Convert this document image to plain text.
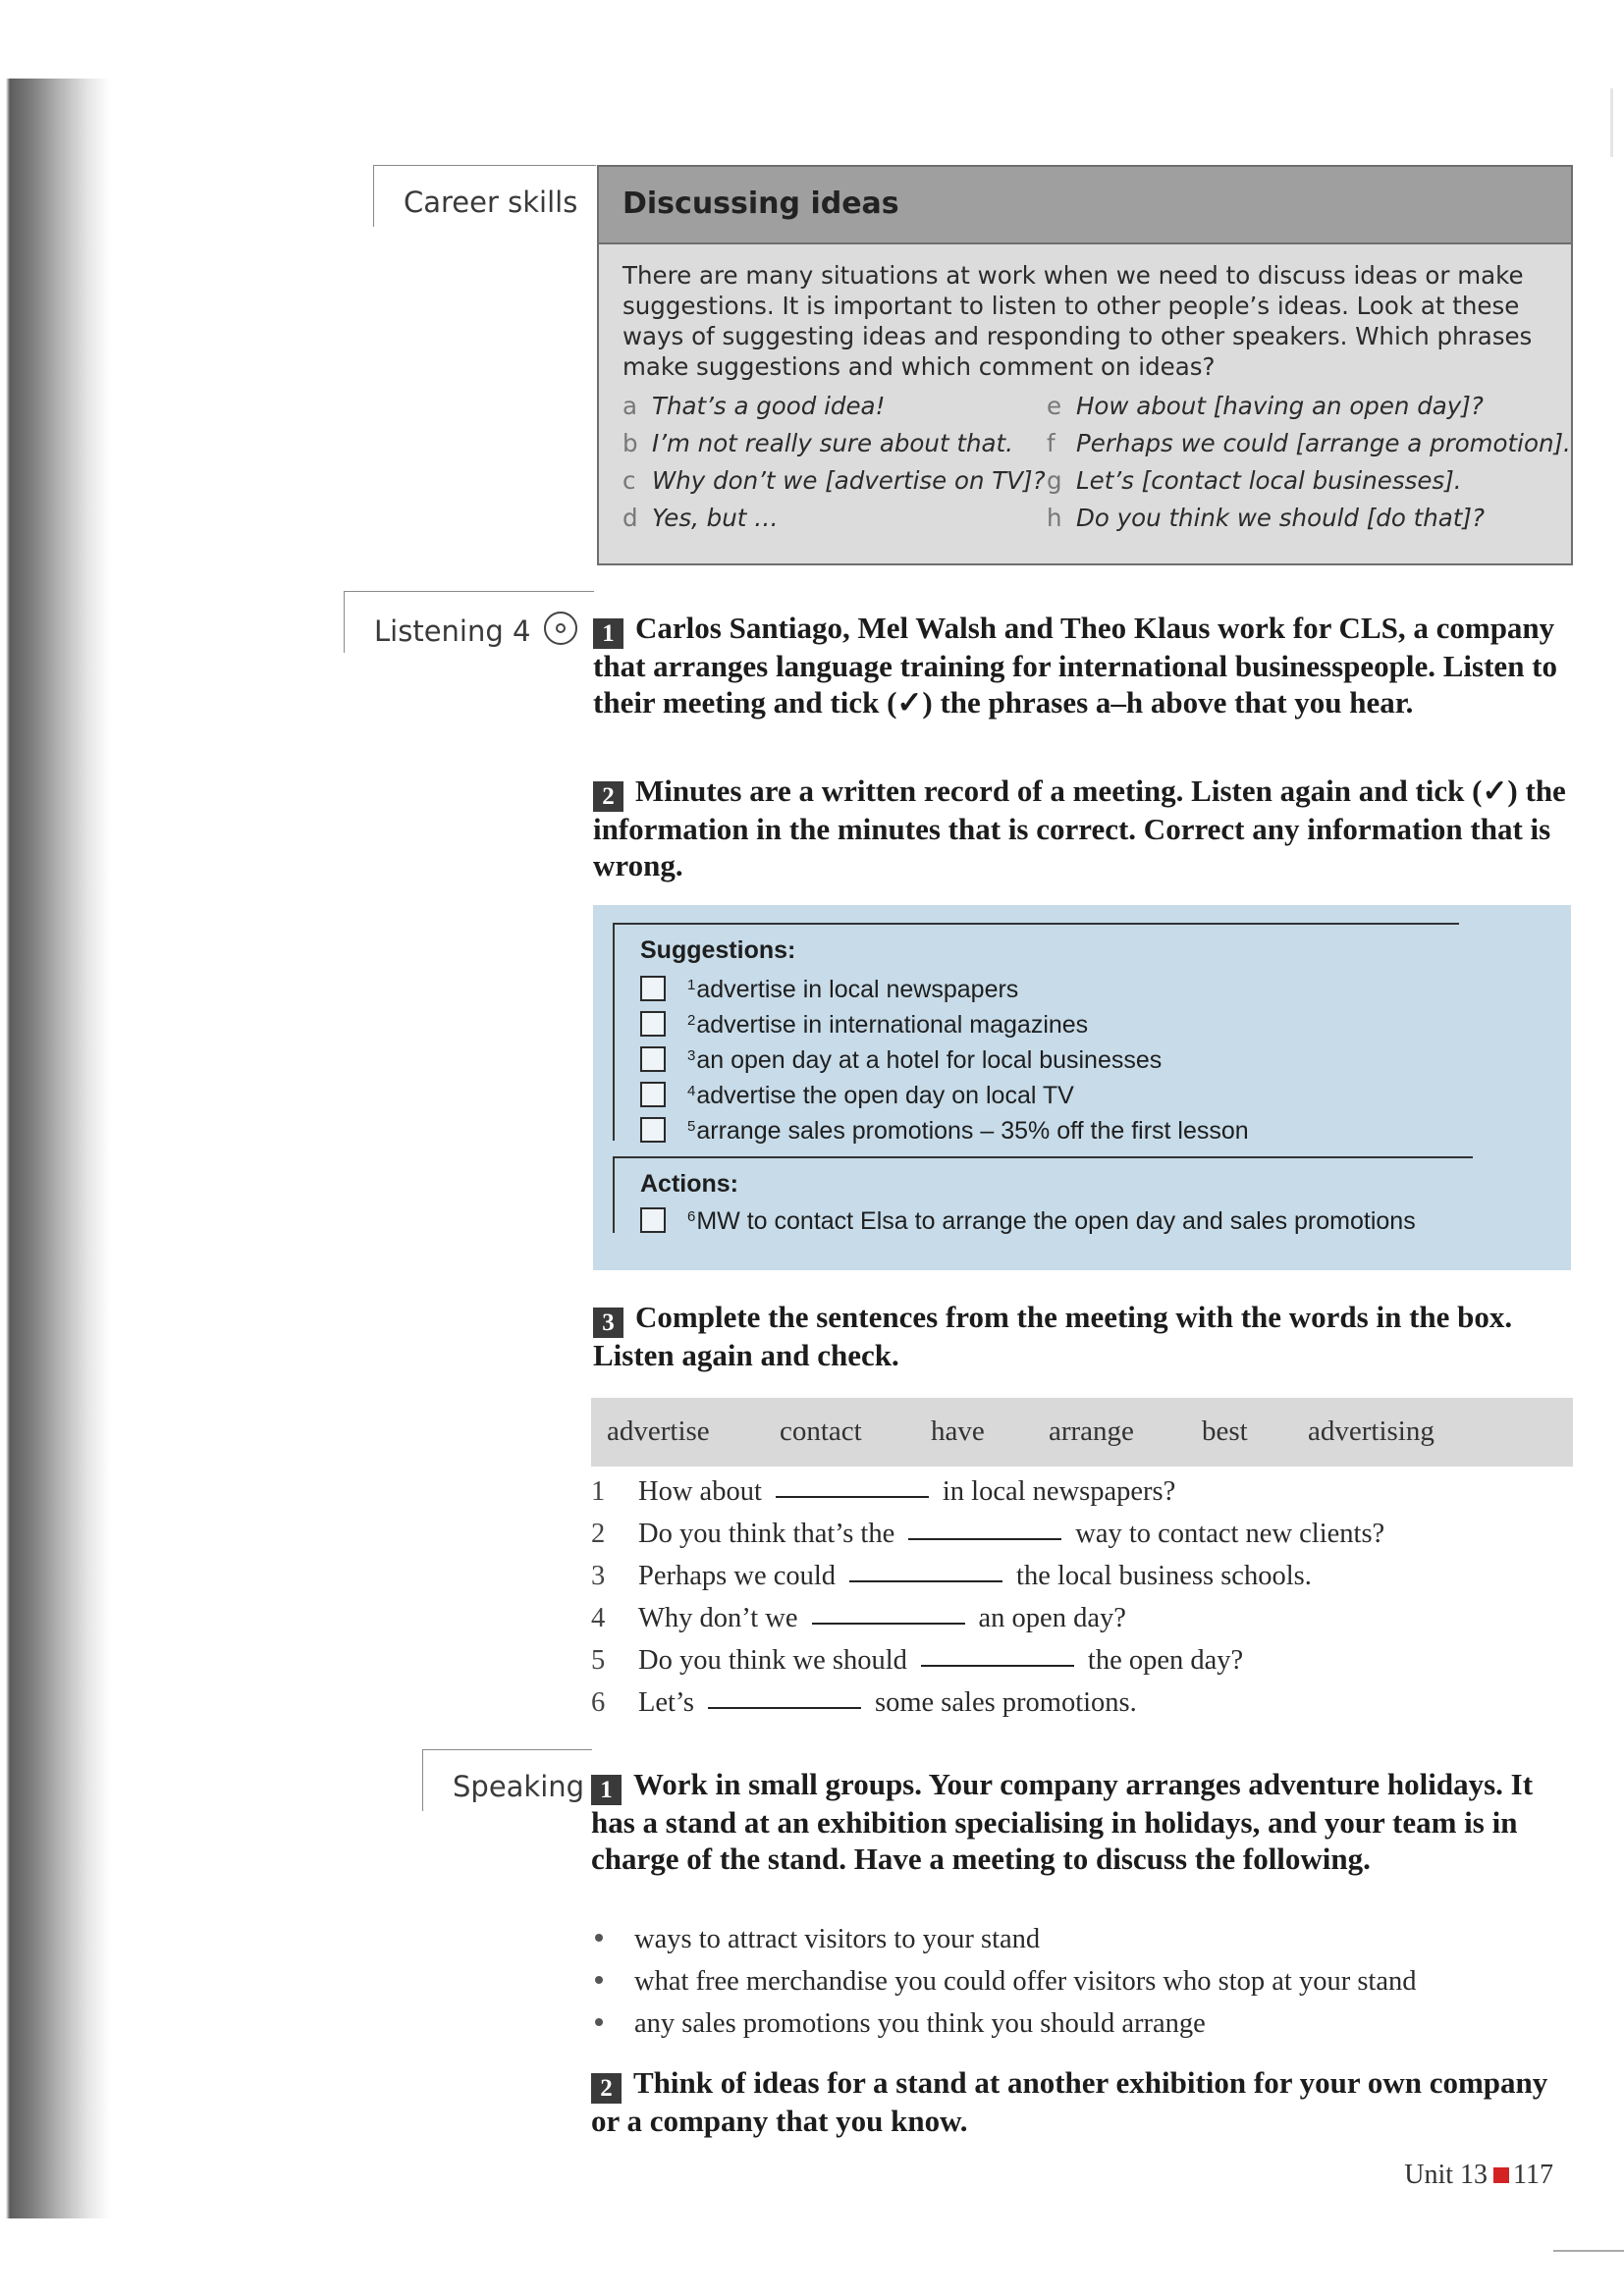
Career skills	Discussing ideas
There are many situations at work when we need to discuss ideas or make suggestions. It is important to listen to other people’s ideas. Look at these ways of suggesting ideas and responding to other speakers. Which phrases make suggestions and which comment on ideas?
a That’s a good idea!
b I’m not really sure about that.
c Why don’t we [advertise on TV]?
d Yes, but …
e How about [having an open day]?
f Perhaps we could [arrange a promotion].
g Let’s [contact local businesses].
h Do you think we should [do that]?
Listening 4	1 Carlos Santiago, Mel Walsh and Theo Klaus work for CLS, a company that arranges language training for international businesspeople. Listen to their meeting and tick (✓) the phrases a–h above that you hear.
2 Minutes are a written record of a meeting. Listen again and tick (✓) the information in the minutes that is correct. Correct any information that is wrong.
Suggestions:
$^1$advertise in local newspapers
$^2$advertise in international magazines
$^3$an open day at a hotel for local businesses
$^4$advertise the open day on local TV
$^5$arrange sales promotions – 35% off the first lesson
Actions:
$^6$MW to contact Elsa to arrange the open day and sales promotions
3 Complete the sentences from the meeting with the words in the box. Listen again and check.
advertise contact have arrange best advertising
1 How about	in local newspapers?
2 Do you think that’s the	way to contact new clients?
3 Perhaps we could	the local business schools.
4 Why don’t we	an open day?
5 Do you think we should	the open day?
6 Let’s	some sales promotions.
Speaking 1 Work in small groups. Your company arranges adventure holidays. It has a stand at an exhibition specialising in holidays, and your team is in charge of the stand. Have a meeting to discuss the following.
ways to attract visitors to your stand
what free merchandise you could offer visitors who stop at your stand
any sales promotions you think you should arrange
2 Think of ideas for a stand at another exhibition for your own company or a company that you know.
Unit 13 117
